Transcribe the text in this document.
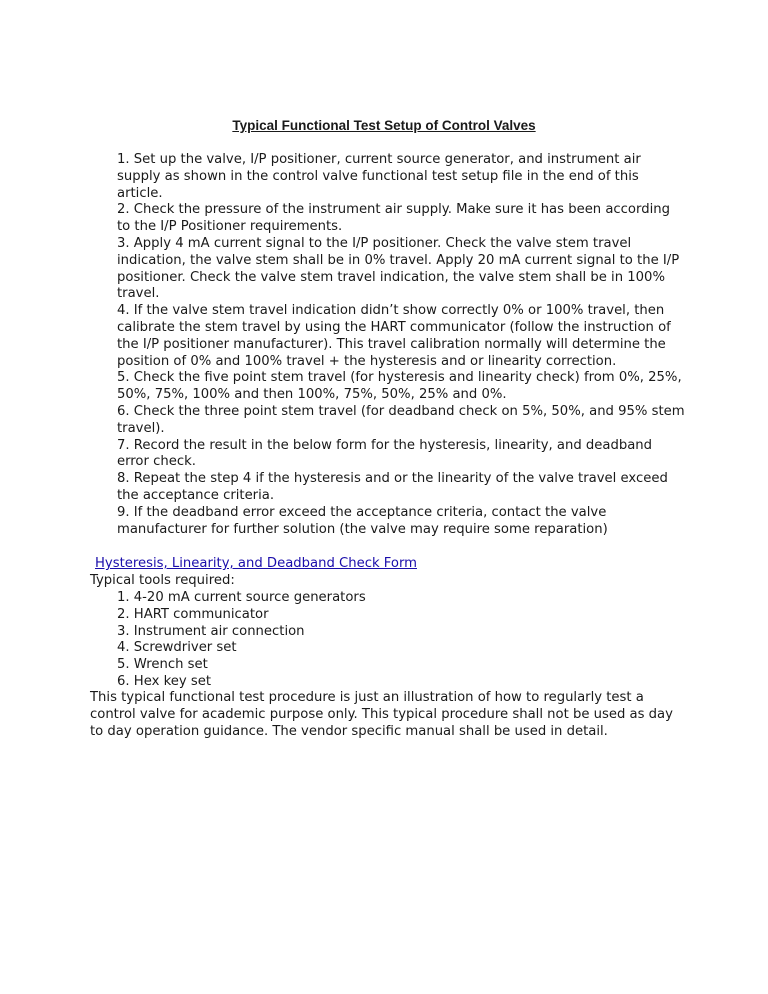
Typical Functional Test Setup of Control Valves
1. Set up the valve, I/P positioner, current source generator, and instrument air supply as shown in the control valve functional test setup file in the end of this article.
2. Check the pressure of the instrument air supply. Make sure it has been according to the I/P Positioner requirements.
3. Apply 4 mA current signal to the I/P positioner. Check the valve stem travel indication, the valve stem shall be in 0% travel. Apply 20 mA current signal to the I/P positioner. Check the valve stem travel indication, the valve stem shall be in 100% travel.
4. If the valve stem travel indication didn’t show correctly 0% or 100% travel, then calibrate the stem travel by using the HART communicator (follow the instruction of the I/P positioner manufacturer). This travel calibration normally will determine the position of 0% and 100% travel + the hysteresis and or linearity correction.
5. Check the five point stem travel (for hysteresis and linearity check) from 0%, 25%, 50%, 75%, 100% and then 100%, 75%, 50%, 25% and 0%.
6. Check the three point stem travel (for deadband check on 5%, 50%, and 95% stem travel).
7. Record the result in the below form for the hysteresis, linearity, and deadband error check.
8. Repeat the step 4 if the hysteresis and or the linearity of the valve travel exceed the acceptance criteria.
9. If the deadband error exceed the acceptance criteria, contact the valve manufacturer for further solution (the valve may require some reparation)
Hysteresis, Linearity, and Deadband Check Form

Typical tools required:

1. 4-20 mA current source generators
2. HART communicator
3. Instrument air connection
4. Screwdriver set
5. Wrench set
6. Hex key set

This typical functional test procedure is just an illustration of how to regularly test a control valve for academic purpose only. This typical procedure shall not be used as day to day operation guidance. The vendor specific manual shall be used in detail.
